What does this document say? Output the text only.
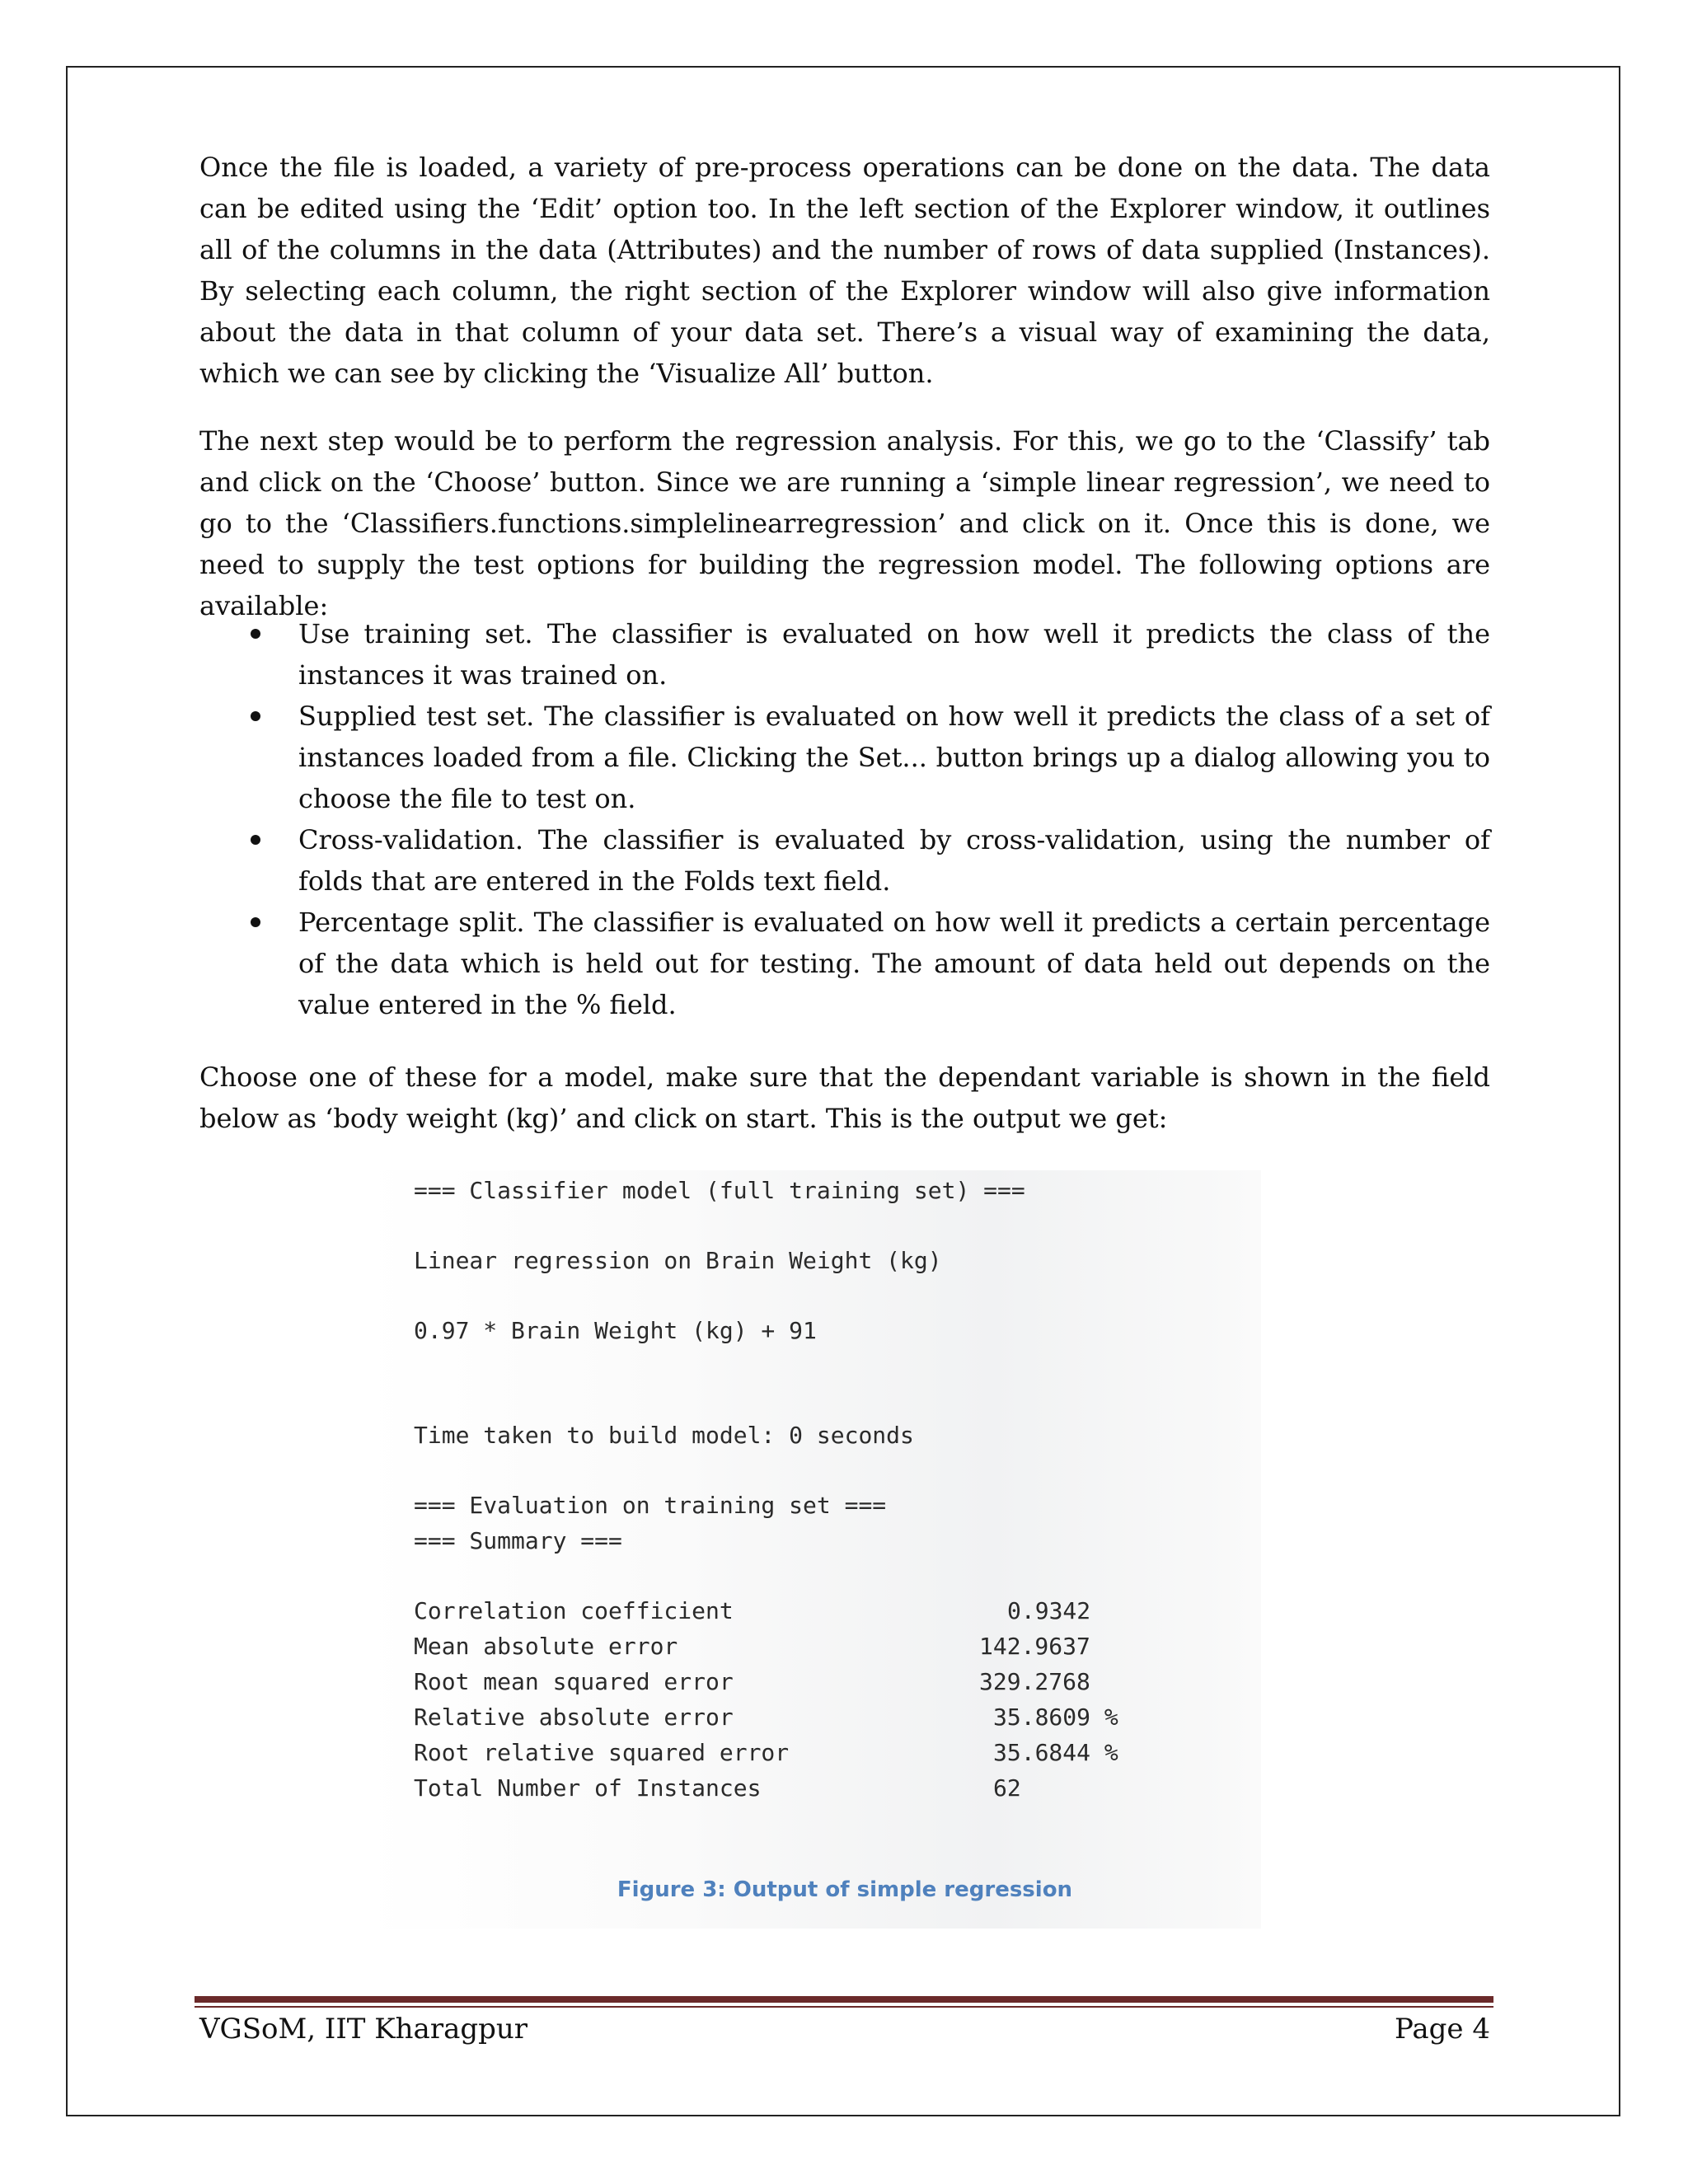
Once the file is loaded, a variety of pre-process operations can be done on the data. The data can be edited using the ‘Edit’ option too. In the left section of the Explorer window, it outlines all of the columns in the data (Attributes) and the number of rows of data supplied (Instances). By selecting each column, the right section of the Explorer window will also give information about the data in that column of your data set. There’s a visual way of examining the data, which we can see by clicking the ‘Visualize All’ button.

The next step would be to perform the regression analysis. For this, we go to the ‘Classify’ tab and click on the ‘Choose’ button. Since we are running a ‘simple linear regression’, we need to go to the ‘Classifiers.functions.simplelinearregression’ and click on it. Once this is done, we need to supply the test options for building the regression model. The following options are available:

Use training set. The classifier is evaluated on how well it predicts the class of the instances it was trained on.
Supplied test set. The classifier is evaluated on how well it predicts the class of a set of instances loaded from a file. Clicking the Set... button brings up a dialog allowing you to choose the file to test on.
Cross-validation. The classifier is evaluated by cross-validation, using the number of folds that are entered in the Folds text field.
Percentage split. The classifier is evaluated on how well it predicts a certain percentage of the data which is held out for testing. The amount of data held out depends on the value entered in the % field.

Choose one of these for a model, make sure that the dependant variable is shown in the field below as ‘body weight (kg)’ and click on start. This is the output we get:

=== Classifier model (full training set) ===
Linear regression on Brain Weight (kg)
0.97 * Brain Weight (kg) + 91
Time taken to build model: 0 seconds
=== Evaluation on training set ===
=== Summary ===
Correlation coefficient	0.9342
Mean absolute error	142.9637
Root mean squared error	329.2768
Relative absolute error	35.8609 %
Root relative squared error	35.6844 %
Total Number of Instances	62
Figure 3: Output of simple regression
VGSoM, IIT Kharagpur	Page 4
